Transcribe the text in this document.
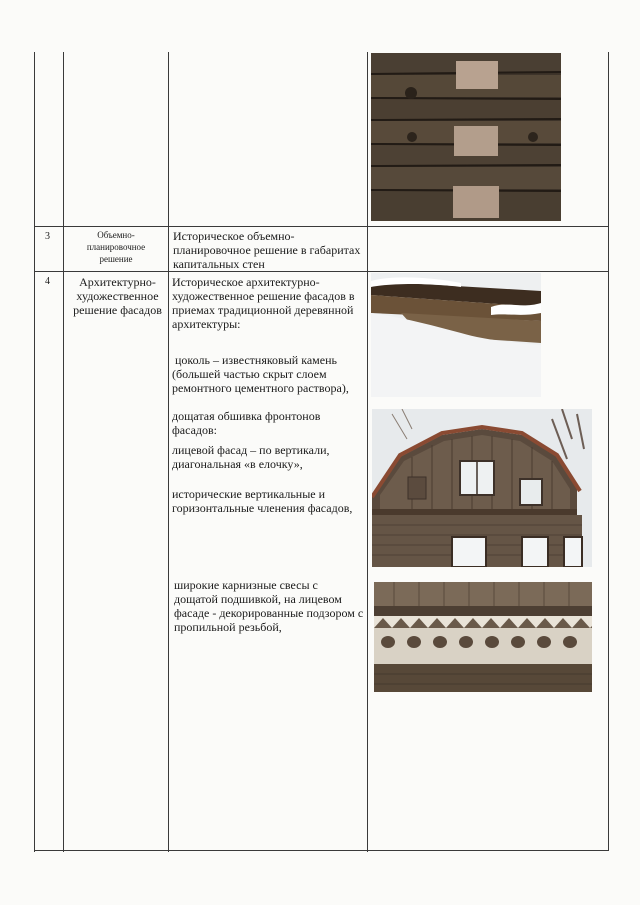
3	Объемно-планировочное решение
Историческое объемно-планировочное решение в габаритах капитальных стен
4	Архитектурно-художественное решение фасадов
Историческое архитектурно-художественное решение фасадов в приемах традиционной деревянной архитектуры:
цоколь – известняковый камень (большей частью скрыт слоем ремонтного цементного раствора),
дощатая обшивка фронтонов фасадов:
лицевой фасад – по вертикали, диагональная «в елочку»,
исторические вертикальные и горизонтальные членения фасадов,
широкие карнизные свесы с дощатой подшивкой, на лицевом фасаде - декорированные подзором с пропильной резьбой,
